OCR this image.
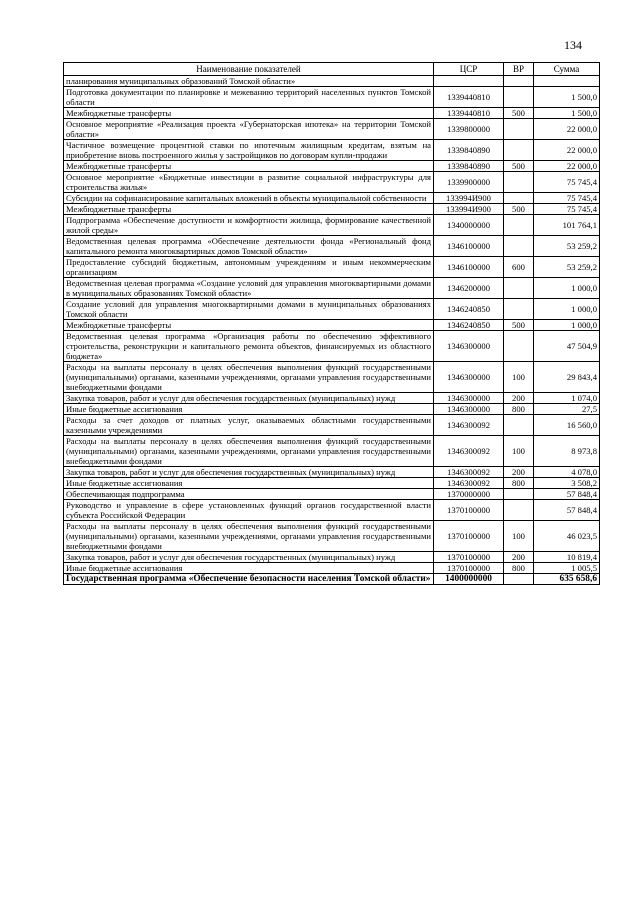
134
Наименование показателей	ЦСР	ВР	Сумма
планирования муниципальных образований Томской области»			
Подготовка документации по планировке и межеванию территорий населенных пунктов Томской области	1339440810		1 500,0
Межбюджетные трансферты	1339440810	500	1 500,0
Основное мероприятие «Реализация проекта «Губернаторская ипотека» на территории Томской области»	1339800000		22 000,0
Частичное возмещение процентной ставки по ипотечным жилищным кредитам, взятым на приобретение вновь построенного жилья у застройщиков по договорам купли-продажи	1339840890		22 000,0
Межбюджетные трансферты	1339840890	500	22 000,0
Основное мероприятие «Бюджетные инвестиции в развитие социальной инфраструктуры для строительства жилья»	1339900000		75 745,4
Субсидии на софинансирование капитальных вложений в объекты муниципальной собственности	133994И900		75 745,4
Межбюджетные трансферты	133994И900	500	75 745,4
Подпрограмма «Обеспечение доступности и комфортности жилища, формирование качественной жилой среды»	1340000000		101 764,1
Ведомственная целевая программа «Обеспечение деятельности фонда «Региональный фонд капитального ремонта многоквартирных домов Томской области»	1346100000		53 259,2
Предоставление субсидий бюджетным, автономным учреждениям и иным некоммерческим организациям	1346100000	600	53 259,2
Ведомственная целевая программа «Создание условий для управления многоквартирными домами в муниципальных образованиях Томской области»	1346200000		1 000,0
Создание условий для управления многоквартирными домами в муниципальных образованиях Томской области	1346240850		1 000,0
Межбюджетные трансферты	1346240850	500	1 000,0
Ведомственная целевая программа «Организация работы по обеспечению эффективного строительства, реконструкции и капитального ремонта объектов, финансируемых из областного бюджета»	1346300000		47 504,9
Расходы на выплаты персоналу в целях обеспечения выполнения функций государственными (муниципальными) органами, казенными учреждениями, органами управления государственными внебюджетными фондами	1346300000	100	29 843,4
Закупка товаров, работ и услуг для обеспечения государственных (муниципальных) нужд	1346300000	200	1 074,0
Иные бюджетные ассигнования	1346300000	800	27,5
Расходы за счет доходов от платных услуг, оказываемых областными государственными казенными учреждениями	1346300092		16 560,0
Расходы на выплаты персоналу в целях обеспечения выполнения функций государственными (муниципальными) органами, казенными учреждениями, органами управления государственными внебюджетными фондами	1346300092	100	8 973,8
Закупка товаров, работ и услуг для обеспечения государственных (муниципальных) нужд	1346300092	200	4 078,0
Иные бюджетные ассигнования	1346300092	800	3 508,2
Обеспечивающая подпрограмма	1370000000		57 848,4
Руководство и управление в сфере установленных функций органов государственной власти субъекта Российской Федерации	1370100000		57 848,4
Расходы на выплаты персоналу в целях обеспечения выполнения функций государственными (муниципальными) органами, казенными учреждениями, органами управления государственными внебюджетными фондами	1370100000	100	46 023,5
Закупка товаров, работ и услуг для обеспечения государственных (муниципальных) нужд	1370100000	200	10 819,4
Иные бюджетные ассигнования	1370100000	800	1 005,5
Государственная программа «Обеспечение безопасности населения Томской области»	1400000000		635 658,6
